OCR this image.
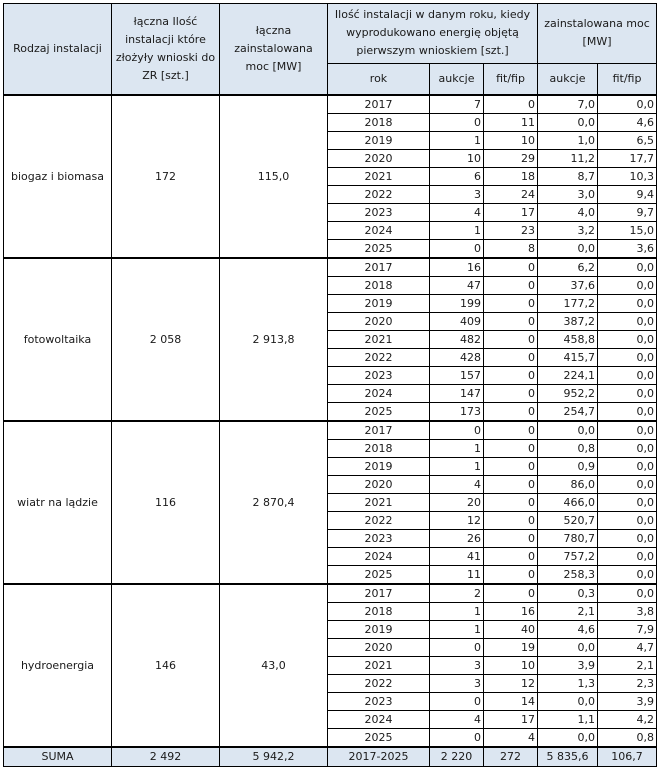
Rodzaj instalacji	łączna Ilość instalacji które złożyły wnioski do ZR [szt.]	łączna zainstalowana moc [MW]	Ilość instalacji w danym roku, kiedy wyprodukowano energię objętą pierwszym wnioskiem [szt.]			zainstalowana moc [MW]	
			rok	aukcje	fit/fip	aukcje	fit/fip
biogaz i biomasa	172	115,0	2017	7	0	7,0	0,0
			2018	0	11	0,0	4,6
			2019	1	10	1,0	6,5
			2020	10	29	11,2	17,7
			2021	6	18	8,7	10,3
			2022	3	24	3,0	9,4
			2023	4	17	4,0	9,7
			2024	1	23	3,2	15,0
			2025	0	8	0,0	3,6
fotowoltaika	2 058	2 913,8	2017	16	0	6,2	0,0
			2018	47	0	37,6	0,0
			2019	199	0	177,2	0,0
			2020	409	0	387,2	0,0
			2021	482	0	458,8	0,0
			2022	428	0	415,7	0,0
			2023	157	0	224,1	0,0
			2024	147	0	952,2	0,0
			2025	173	0	254,7	0,0
wiatr na lądzie	116	2 870,4	2017	0	0	0,0	0,0
			2018	1	0	0,8	0,0
			2019	1	0	0,9	0,0
			2020	4	0	86,0	0,0
			2021	20	0	466,0	0,0
			2022	12	0	520,7	0,0
			2023	26	0	780,7	0,0
			2024	41	0	757,2	0,0
			2025	11	0	258,3	0,0
hydroenergia	146	43,0	2017	2	0	0,3	0,0
			2018	1	16	2,1	3,8
			2019	1	40	4,6	7,9
			2020	0	19	0,0	4,7
			2021	3	10	3,9	2,1
			2022	3	12	1,3	2,3
			2023	0	14	0,0	3,9
			2024	4	17	1,1	4,2
			2025	0	4	0,0	0,8
SUMA	2 492	5 942,2	2017-2025	2 220	272	5 835,6	106,7
